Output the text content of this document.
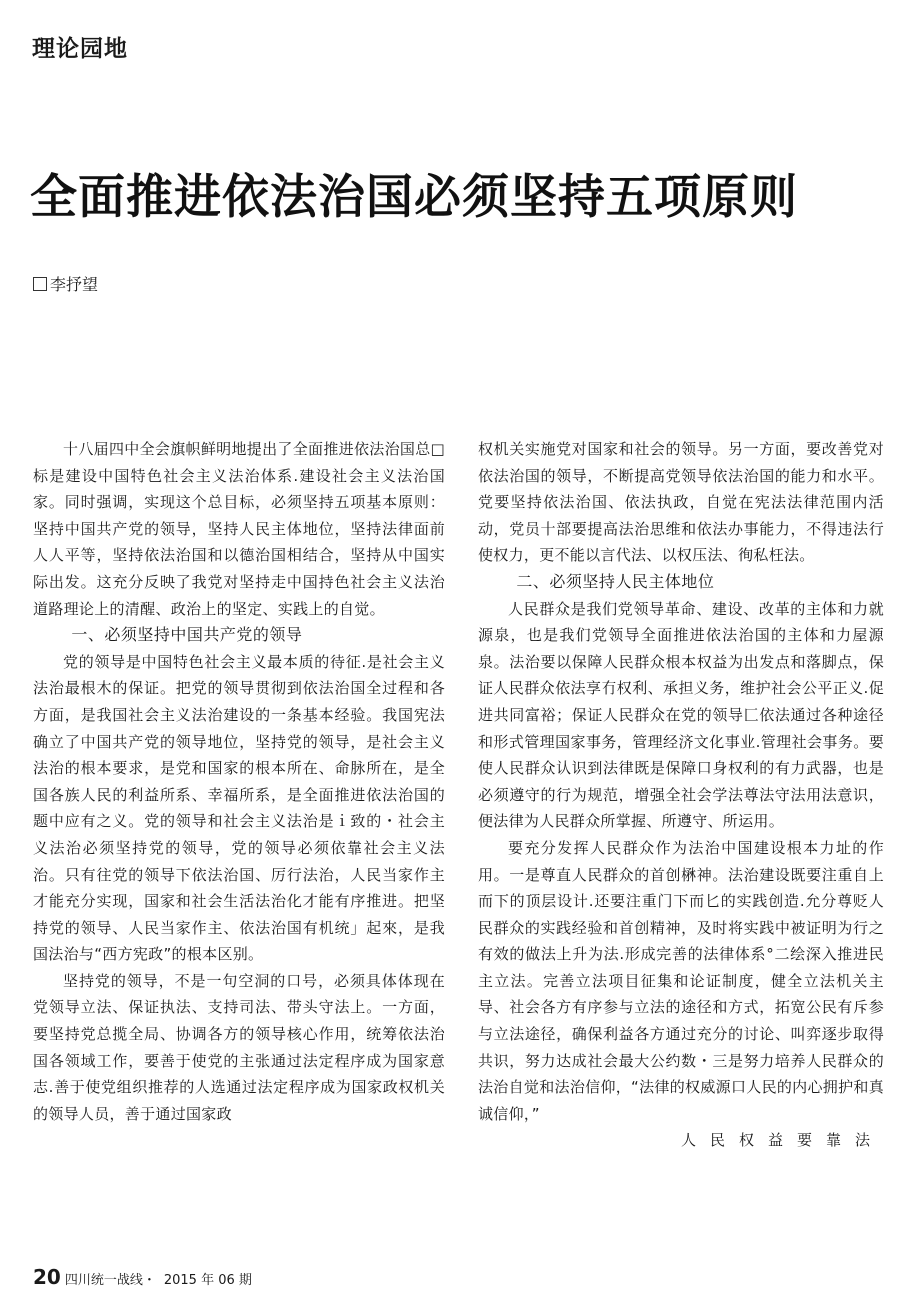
理论园地
全面推进依法治国必须坚持五项原则
李抒望

十八届四中全会旗帜鲜明地提出了全面推进依法治国总□标是建设中国特色社会主义法治体系.建设社会主义法治国家。同时强调，实现这个总目标，必须坚持五项基本原则：坚持中国共产党的领导，坚持人民主体地位，坚持法律面前人人平等，坚持依法治国和以德治国相结合，坚持从中国实际出发。这充分反映了我党对坚持走中国持色社会主义法治道路理论上的清醒、政治上的坚定、实践上的自觉。

一、必须坚持中国共产党的领导

党的领导是中国特色社会主义最本质的待征.是社会主义法治最根木的保证。把党的领导贯彻到依法治国全过程和各方面，是我国社会主义法治建设的一条基本经验。我国宪法确立了中国共产党的领导地位，坚持党的领导，是社会主义法治的根本要求，是党和国家的根本所在、命脉所在，是全国各族人民的利益所系、幸福所系，是全面推进依法治国的题中应有之义。党的领导和社会主义法治是ｉ致的・社会主义法治必须坚持党的领导，党的领导必须依靠社会主义法治。只有往党的领导下依法治国、厉行法治，人民当家作主才能充分实现，国家和社会生活法治化才能有序推进。把坚持党的领导、人民当家作主、依法治国有机统」起來，是我国法治与“西方宪政”的根本区别。

坚持党的领导，不是一句空洞的口号，必须具体体现在党领导立法、保证执法、支持司法、带头守法上。一方面，要坚持党总揽全局、协调各方的领导核心作用，统筹依法治国各领域工作，要善于使党的主张通过法定程序成为国家意志.善于使党组织推荐的人选通过法定程序成为国家政权机关的领导人员，善于通过国家政

权机关实施党对国家和社会的领导。另一方面，要改善党对依法治国的领导，不断提高党领导依法治国的能力和水平。党要坚持依法治国、依法执政，自觉在宪法法律范围内活动，党员十部要提高法治思维和依法办事能力，不得违法行使权力，更不能以言代法、以权压法、徇私枉法。

二、必须坚持人民主体地位

人民群众是我们党领导革命、建设、改革的主体和力就源泉，也是我们党领导全面推进依法治国的主体和力屋源泉。法治要以保障人民群众根本权益为出发点和落脚点，保证人民群众依法享冇权利、承担义务，维护社会公平正义.促进共同富裕；保证人民群众在党的领导匚依法通过各种途径和形式管理国家事务，管理经济文化事业.管理社会事务。要使人民群众认识到法律既是保障口身权利的有力武器，也是必须遵守的行为规范，增强全社会学法尊法守法用法意识，便法律为人民群众所掌握、所遵守、所运用。

要充分发挥人民群众作为法治中国建设根本力址的作用。一是尊直人民群众的首创楙神。法治建设既要注重自上而下的顶层设计.还要注重门下而匕的实践创造.允分尊贬人民群众的实践经验和首创精神，及时将实践中被证明为行之有效的做法上升为法.形成完善的法律体系°二绘深入推进民主立法。完善立法项目征集和论证制度，健全立法机关主导、社会各方有序参与立法的途径和方式，拓宽公民有斥参与立法途径，确保利益各方通过充分的讨论、叫弈逐步取得共识，努力达成社会最大公约数・三是努力培养人民群众的法治自觉和法治信仰，“法律的权威源口人民的内心拥护和真诚信仰，”

人民权益要靠法

20 四川统一战线・ 2015 年 06 期
